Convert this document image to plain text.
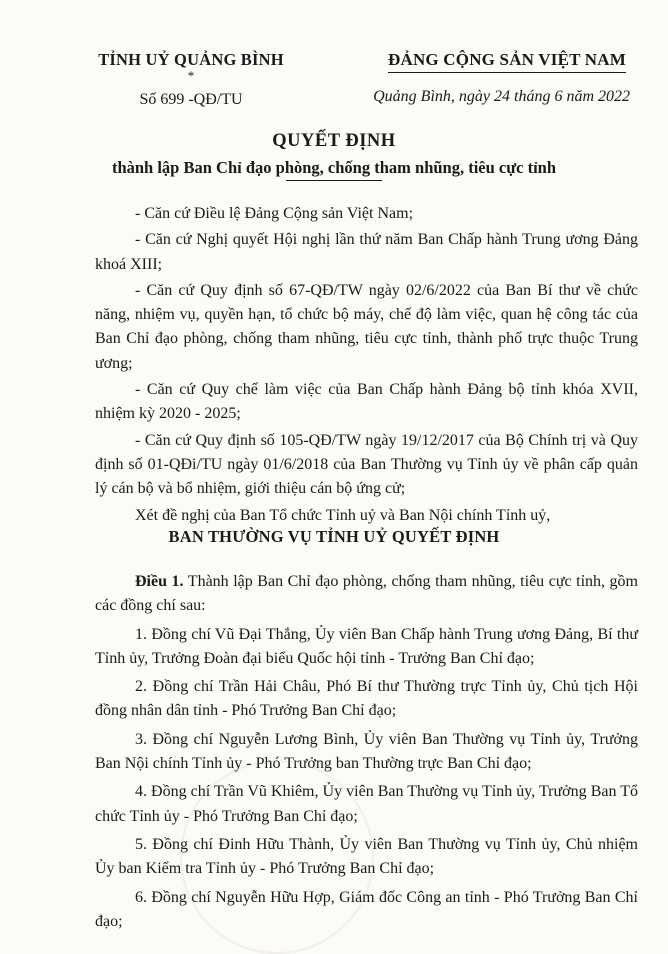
TỈNH UỶ QUẢNG BÌNH
*
Số 699 -QĐ/TU
ĐẢNG CỘNG SẢN VIỆT NAM
Quảng Bình, ngày 24 tháng 6 năm 2022
QUYẾT ĐỊNH
thành lập Ban Chỉ đạo phòng, chống tham nhũng, tiêu cực tỉnh

- Căn cứ Điều lệ Đảng Cộng sản Việt Nam;

- Căn cứ Nghị quyết Hội nghị lần thứ năm Ban Chấp hành Trung ương Đảng khoá XIII;

- Căn cứ Quy định số 67-QĐ/TW ngày 02/6/2022 của Ban Bí thư về chức năng, nhiệm vụ, quyền hạn, tổ chức bộ máy, chế độ làm việc, quan hệ công tác của Ban Chỉ đạo phòng, chống tham nhũng, tiêu cực tỉnh, thành phố trực thuộc Trung ương;

- Căn cứ Quy chế làm việc của Ban Chấp hành Đảng bộ tỉnh khóa XVII, nhiệm kỳ 2020 - 2025;

- Căn cứ Quy định số 105-QĐ/TW ngày 19/12/2017 của Bộ Chính trị và Quy định số 01-QĐi/TU ngày 01/6/2018 của Ban Thường vụ Tỉnh ủy về phân cấp quản lý cán bộ và bổ nhiệm, giới thiệu cán bộ ứng cử;

Xét đề nghị của Ban Tổ chức Tỉnh uỷ và Ban Nội chính Tỉnh uỷ,

BAN THƯỜNG VỤ TỈNH UỶ QUYẾT ĐỊNH

Điều 1. Thành lập Ban Chỉ đạo phòng, chống tham nhũng, tiêu cực tỉnh, gồm các đồng chí sau:

1. Đồng chí Vũ Đại Thắng, Ủy viên Ban Chấp hành Trung ương Đảng, Bí thư Tỉnh ủy, Trưởng Đoàn đại biểu Quốc hội tỉnh - Trưởng Ban Chỉ đạo;

2. Đồng chí Trần Hải Châu, Phó Bí thư Thường trực Tỉnh ủy, Chủ tịch Hội đồng nhân dân tỉnh - Phó Trưởng Ban Chỉ đạo;

3. Đồng chí Nguyễn Lương Bình, Ủy viên Ban Thường vụ Tỉnh ủy, Trưởng Ban Nội chính Tỉnh ủy - Phó Trưởng ban Thường trực Ban Chỉ đạo;

4. Đồng chí Trần Vũ Khiêm, Ủy viên Ban Thường vụ Tỉnh ủy, Trưởng Ban Tổ chức Tỉnh ủy - Phó Trưởng Ban Chỉ đạo;

5. Đồng chí Đinh Hữu Thành, Ủy viên Ban Thường vụ Tỉnh ủy, Chủ nhiệm Ủy ban Kiểm tra Tỉnh ủy - Phó Trưởng Ban Chỉ đạo;

6. Đồng chí Nguyễn Hữu Hợp, Giám đốc Công an tỉnh - Phó Trưởng Ban Chỉ đạo;
